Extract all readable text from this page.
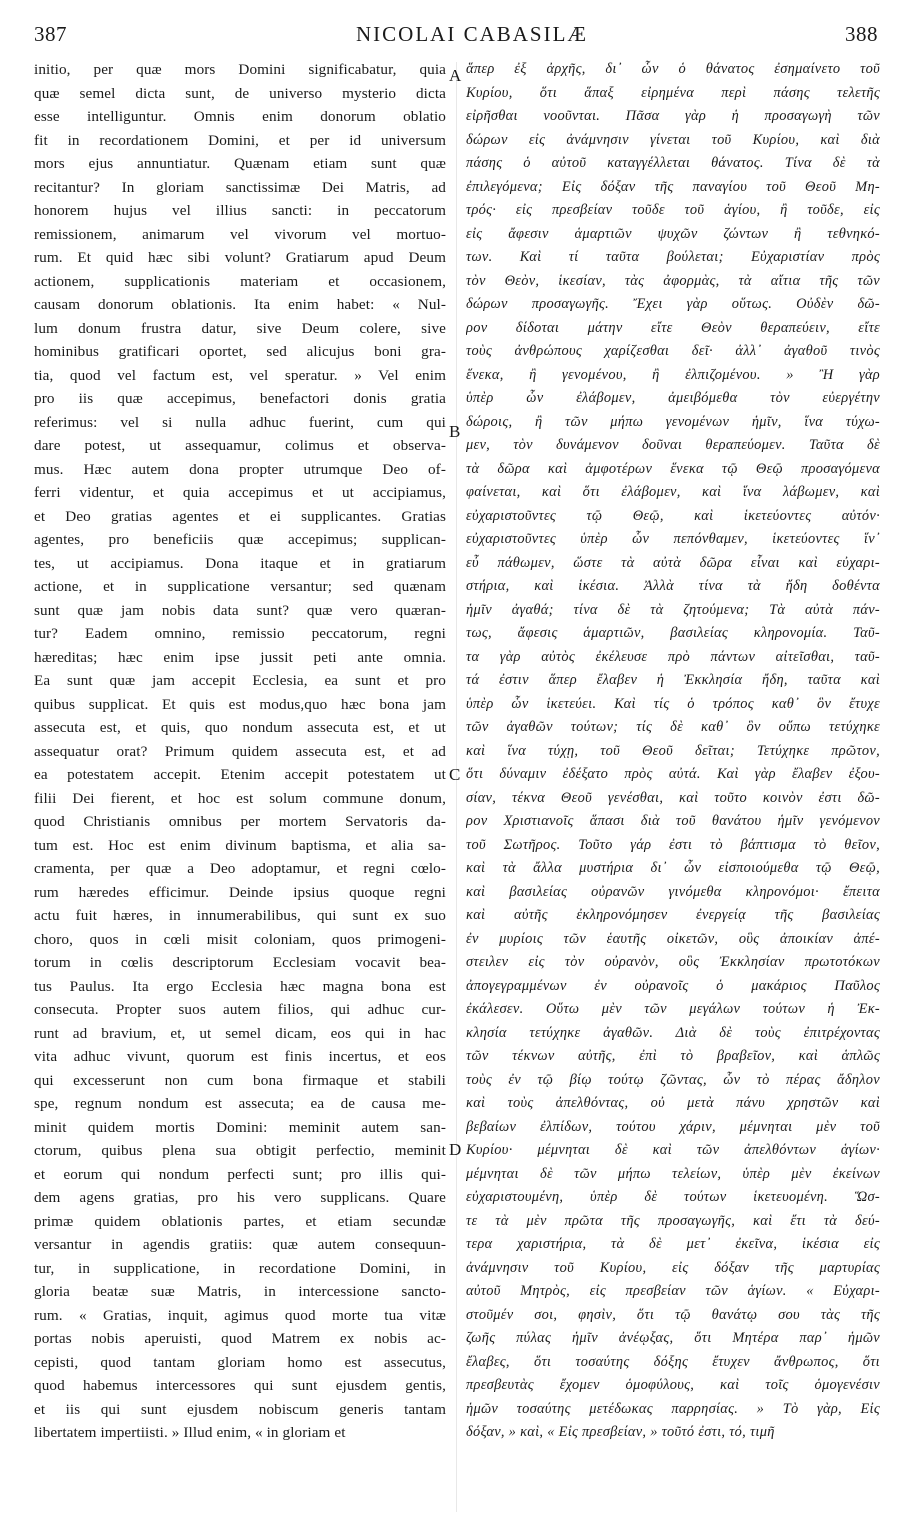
387	NICOLAI CABASILÆ	388
A
B
C
D
initio, per quæ mors Domini significabatur, quia
quæ semel dicta sunt, de universo mysterio dicta
esse intelliguntur. Omnis enim donorum oblatio
fit in recordationem Domini, et per id universum
mors ejus annuntiatur. Quænam etiam sunt quæ
recitantur? In gloriam sanctissimæ Dei Matris, ad
honorem hujus vel illius sancti: in peccatorum
remissionem, animarum vel vivorum vel mortuo-
rum. Et quid hæc sibi volunt? Gratiarum apud Deum
actionem, supplicationis materiam et occasionem,
causam donorum oblationis. Ita enim habet: « Nul-
lum donum frustra datur, sive Deum colere, sive
hominibus gratificari oportet, sed alicujus boni gra-
tia, quod vel factum est, vel speratur. » Vel enim
pro iis quæ accepimus, benefactori donis gratia
referimus: vel si nulla adhuc fuerint, cum qui
dare potest, ut assequamur, colimus et observa-
mus. Hæc autem dona propter utrumque Deo of-
ferri videntur, et quia accepimus et ut accipiamus,
et Deo gratias agentes et ei supplicantes. Gratias
agentes, pro beneficiis quæ accepimus; supplican-
tes, ut accipiamus. Dona itaque et in gratiarum
actione, et in supplicatione versantur; sed quænam
sunt quæ jam nobis data sunt? quæ vero quæran-
tur? Eadem omnino, remissio peccatorum, regni
hæreditas; hæc enim ipse jussit peti ante omnia.
Ea sunt quæ jam accepit Ecclesia, ea sunt et pro
quibus supplicat. Et quis est modus,quo hæc bona jam
assecuta est, et quis, quo nondum assecuta est, et ut
assequatur orat? Primum quidem assecuta est, et ad
ea potestatem accepit. Etenim accepit potestatem ut
filii Dei fierent, et hoc est solum commune donum,
quod Christianis omnibus per mortem Servatoris da-
tum est. Hoc est enim divinum baptisma, et alia sa-
cramenta, per quæ a Deo adoptamur, et regni cœlo-
rum hæredes efficimur. Deinde ipsius quoque regni
actu fuit hæres, in innumerabilibus, qui sunt ex suo
choro, quos in cœli misit coloniam, quos primogeni-
torum in cœlis descriptorum Ecclesiam vocavit bea-
tus Paulus. Ita ergo Ecclesia hæc magna bona est
consecuta. Propter suos autem filios, qui adhuc cur-
runt ad bravium, et, ut semel dicam, eos qui in hac
vita adhuc vivunt, quorum est finis incertus, et eos
qui excesserunt non cum bona firmaque et stabili
spe, regnum nondum est assecuta; ea de causa me-
minit quidem mortis Domini: meminit autem san-
ctorum, quibus plena sua obtigit perfectio, meminit
et eorum qui nondum perfecti sunt; pro illis qui-
dem agens gratias, pro his vero supplicans. Quare
primæ quidem oblationis partes, et etiam secundæ
versantur in agendis gratiis: quæ autem consequun-
tur, in supplicatione, in recordatione Domini, in
gloria beatæ suæ Matris, in intercessione sancto-
rum. « Gratias, inquit, agimus quod morte tua vitæ
portas nobis aperuisti, quod Matrem ex nobis ac-
cepisti, quod tantam gloriam homo est assecutus,
quod habemus intercessores qui sunt ejusdem gentis,
et iis qui sunt ejusdem nobiscum generis tantam
libertatem impertiisti. » Illud enim, « in gloriam et
ἅπερ ἐξ ἀρχῆς, δι᾽ ὧν ὁ θάνατος ἐσημαίνετο τοῦ
Κυρίου, ὅτι ἅπαξ εἰρημένα περὶ πάσης τελετῆς
εἰρῆσθαι νοοῦνται. Πᾶσα γὰρ ἡ προσαγωγὴ τῶν
δώρων εἰς ἀνάμνησιν γίνεται τοῦ Κυρίου, καὶ διὰ
πάσης ὁ αὐτοῦ καταγγέλλεται θάνατος. Τίνα δὲ τὰ
ἐπιλεγόμενα; Εἰς δόξαν τῆς παναγίου τοῦ Θεοῦ Μη-
τρός· εἰς πρεσβείαν τοῦδε τοῦ ἁγίου, ἢ τοῦδε, εἰς
εἰς ἄφεσιν ἁμαρτιῶν ψυχῶν ζώντων ἢ τεθνηκό-
των. Καὶ τί ταῦτα βούλεται; Εὐχαριστίαν πρὸς
τὸν Θεὸν, ἱκεσίαν, τὰς ἀφορμὰς, τὰ αἴτια τῆς τῶν
δώρων προσαγωγῆς. Ἔχει γὰρ οὕτως. Οὐδὲν δῶ-
ρον δίδοται μάτην εἴτε Θεὸν θεραπεύειν, εἴτε
τοὺς ἀνθρώπους χαρίζεσθαι δεῖ· ἀλλ᾽ ἀγαθοῦ τινὸς
ἕνεκα, ἢ γενομένου, ἢ ἐλπιζομένου. » Ἢ γὰρ
ὑπὲρ ὧν ἐλάβομεν, ἀμειβόμεθα τὸν εὐεργέτην
δώροις, ἢ τῶν μήπω γενομένων ἡμῖν, ἵνα τύχω-
μεν, τὸν δυνάμενον δοῦναι θεραπεύομεν. Ταῦτα δὲ
τὰ δῶρα καὶ ἀμφοτέρων ἕνεκα τῷ Θεῷ προσαγόμενα
φαίνεται, καὶ ὅτι ἐλάβομεν, καὶ ἵνα λάβωμεν, καὶ
εὐχαριστοῦντες τῷ Θεῷ, καὶ ἱκετεύοντες αὐτόν·
εὐχαριστοῦντες ὑπὲρ ὧν πεπόνθαμεν, ἱκετεύοντες ἵν᾽
εὖ πάθωμεν, ὥστε τὰ αὐτὰ δῶρα εἶναι καὶ εὐχαρι-
στήρια, καὶ ἱκέσια. Ἀλλὰ τίνα τὰ ἤδη δοθέντα
ἡμῖν ἀγαθά; τίνα δὲ τὰ ζητούμενα; Τὰ αὐτὰ πάν-
τως, ἄφεσις ἁμαρτιῶν, βασιλείας κληρονομία. Ταῦ-
τα γὰρ αὐτὸς ἐκέλευσε πρὸ πάντων αἰτεῖσθαι, ταῦ-
τά ἐστιν ἅπερ ἔλαβεν ἡ Ἐκκλησία ἤδη, ταῦτα καὶ
ὑπὲρ ὧν ἱκετεύει. Καὶ τίς ὁ τρόπος καθ᾽ ὃν ἔτυχε
τῶν ἀγαθῶν τούτων; τίς δὲ καθ᾽ ὃν οὔπω τετύχηκε
καὶ ἵνα τύχῃ, τοῦ Θεοῦ δεῖται; Τετύχηκε πρῶτον,
ὅτι δύναμιν ἐδέξατο πρὸς αὐτά. Καὶ γὰρ ἔλαβεν ἐξου-
σίαν, τέκνα Θεοῦ γενέσθαι, καὶ τοῦτο κοινὸν ἐστι δῶ-
ρον Χριστιανοῖς ἅπασι διὰ τοῦ θανάτου ἡμῖν γενόμενον
τοῦ Σωτῆρος. Τοῦτο γάρ ἐστι τὸ βάπτισμα τὸ θεῖον,
καὶ τὰ ἄλλα μυστήρια δι᾽ ὧν εἰσποιούμεθα τῷ Θεῷ,
καὶ βασιλείας οὐρανῶν γινόμεθα κληρονόμοι· ἔπειτα
καὶ αὐτῆς ἐκληρονόμησεν ἐνεργείᾳ τῆς βασιλείας
ἐν μυρίοις τῶν ἑαυτῆς οἰκετῶν, οὓς ἀποικίαν ἀπέ-
στειλεν εἰς τὸν οὐρανὸν, οὓς Ἐκκλησίαν πρωτοτόκων
ἀπογεγραμμένων ἐν οὐρανοῖς ὁ μακάριος Παῦλος
ἐκάλεσεν. Οὕτω μὲν τῶν μεγάλων τούτων ἡ Ἐκ-
κλησία τετύχηκε ἀγαθῶν. Διὰ δὲ τοὺς ἐπιτρέχοντας
τῶν τέκνων αὐτῆς, ἐπὶ τὸ βραβεῖον, καὶ ἁπλῶς
τοὺς ἐν τῷ βίῳ τούτῳ ζῶντας, ὧν τὸ πέρας ἄδηλον
καὶ τοὺς ἀπελθόντας, οὐ μετὰ πάνυ χρηστῶν καὶ
βεβαίων ἐλπίδων, τούτου χάριν, μέμνηται μὲν τοῦ
Κυρίου· μέμνηται δὲ καὶ τῶν ἀπελθόντων ἁγίων·
μέμνηται δὲ τῶν μήπω τελείων, ὑπὲρ μὲν ἐκείνων
εὐχαριστουμένη, ὑπὲρ δὲ τούτων ἱκετευομένη. Ὥσ-
τε τὰ μὲν πρῶτα τῆς προσαγωγῆς, καὶ ἔτι τὰ δεύ-
τερα χαριστήρια, τὰ δὲ μετ᾽ ἐκεῖνα, ἱκέσια εἰς
ἀνάμνησιν τοῦ Κυρίου, εἰς δόξαν τῆς μαρτυρίας
αὐτοῦ Μητρὸς, εἰς πρεσβείαν τῶν ἁγίων. « Εὐχαρι-
στοῦμέν σοι, φησὶν, ὅτι τῷ θανάτῳ σου τὰς τῆς
ζωῆς πύλας ἡμῖν ἀνέῳξας, ὅτι Μητέρα παρ᾽ ἡμῶν
ἔλαβες, ὅτι τοσαύτης δόξης ἔτυχεν ἄνθρωπος, ὅτι
πρεσβευτὰς ἔχομεν ὁμοφύλους, καὶ τοῖς ὁμογενέσιν
ἡμῶν τοσαύτης μετέδωκας παρρησίας. » Τὸ γὰρ, Εἰς
δόξαν, » καὶ, « Εἰς πρεσβείαν, » τοῦτό ἐστι, τό, τιμῆ
